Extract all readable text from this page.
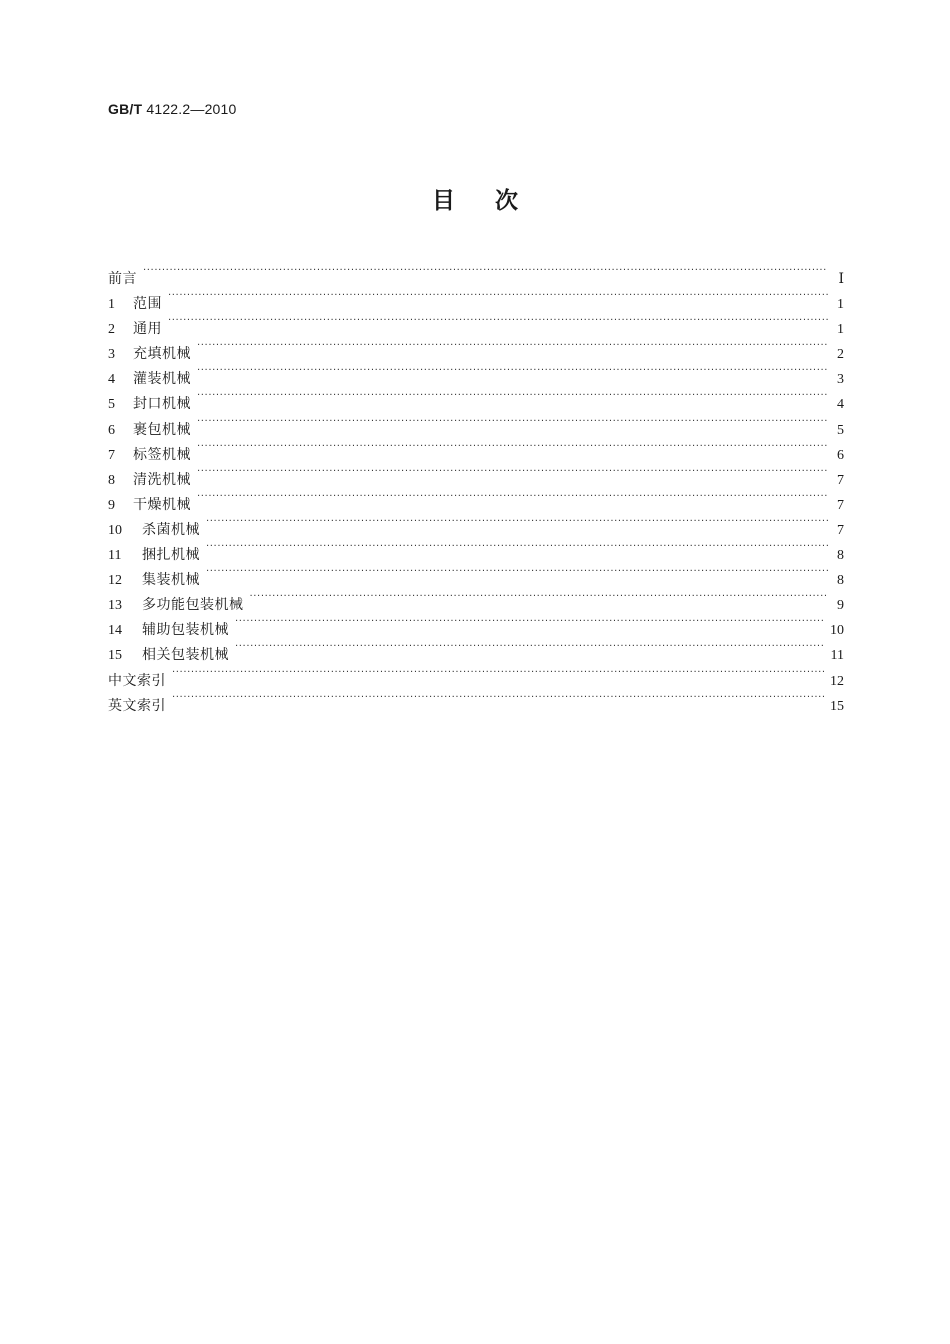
GB/T 4122.2—2010
目次
前言 ·····	Ⅰ
1	范围 ·····	1
2	通用 ·····	1
3	充填机械 ·····	2
4	灌装机械 ·····	3
5	封口机械 ·····	4
6	裹包机械 ·····	5
7	标签机械 ·····	6
8	清洗机械 ·····	7
9	干燥机械 ·····	7
10	杀菌机械 ·····	7
11	捆扎机械 ·····	8
12	集装机械 ·····	8
13	多功能包装机械 ·····	9
14	辅助包装机械 ·····	10
15	相关包装机械 ·····	11
中文索引 ·····	12
英文索引 ·····	15
